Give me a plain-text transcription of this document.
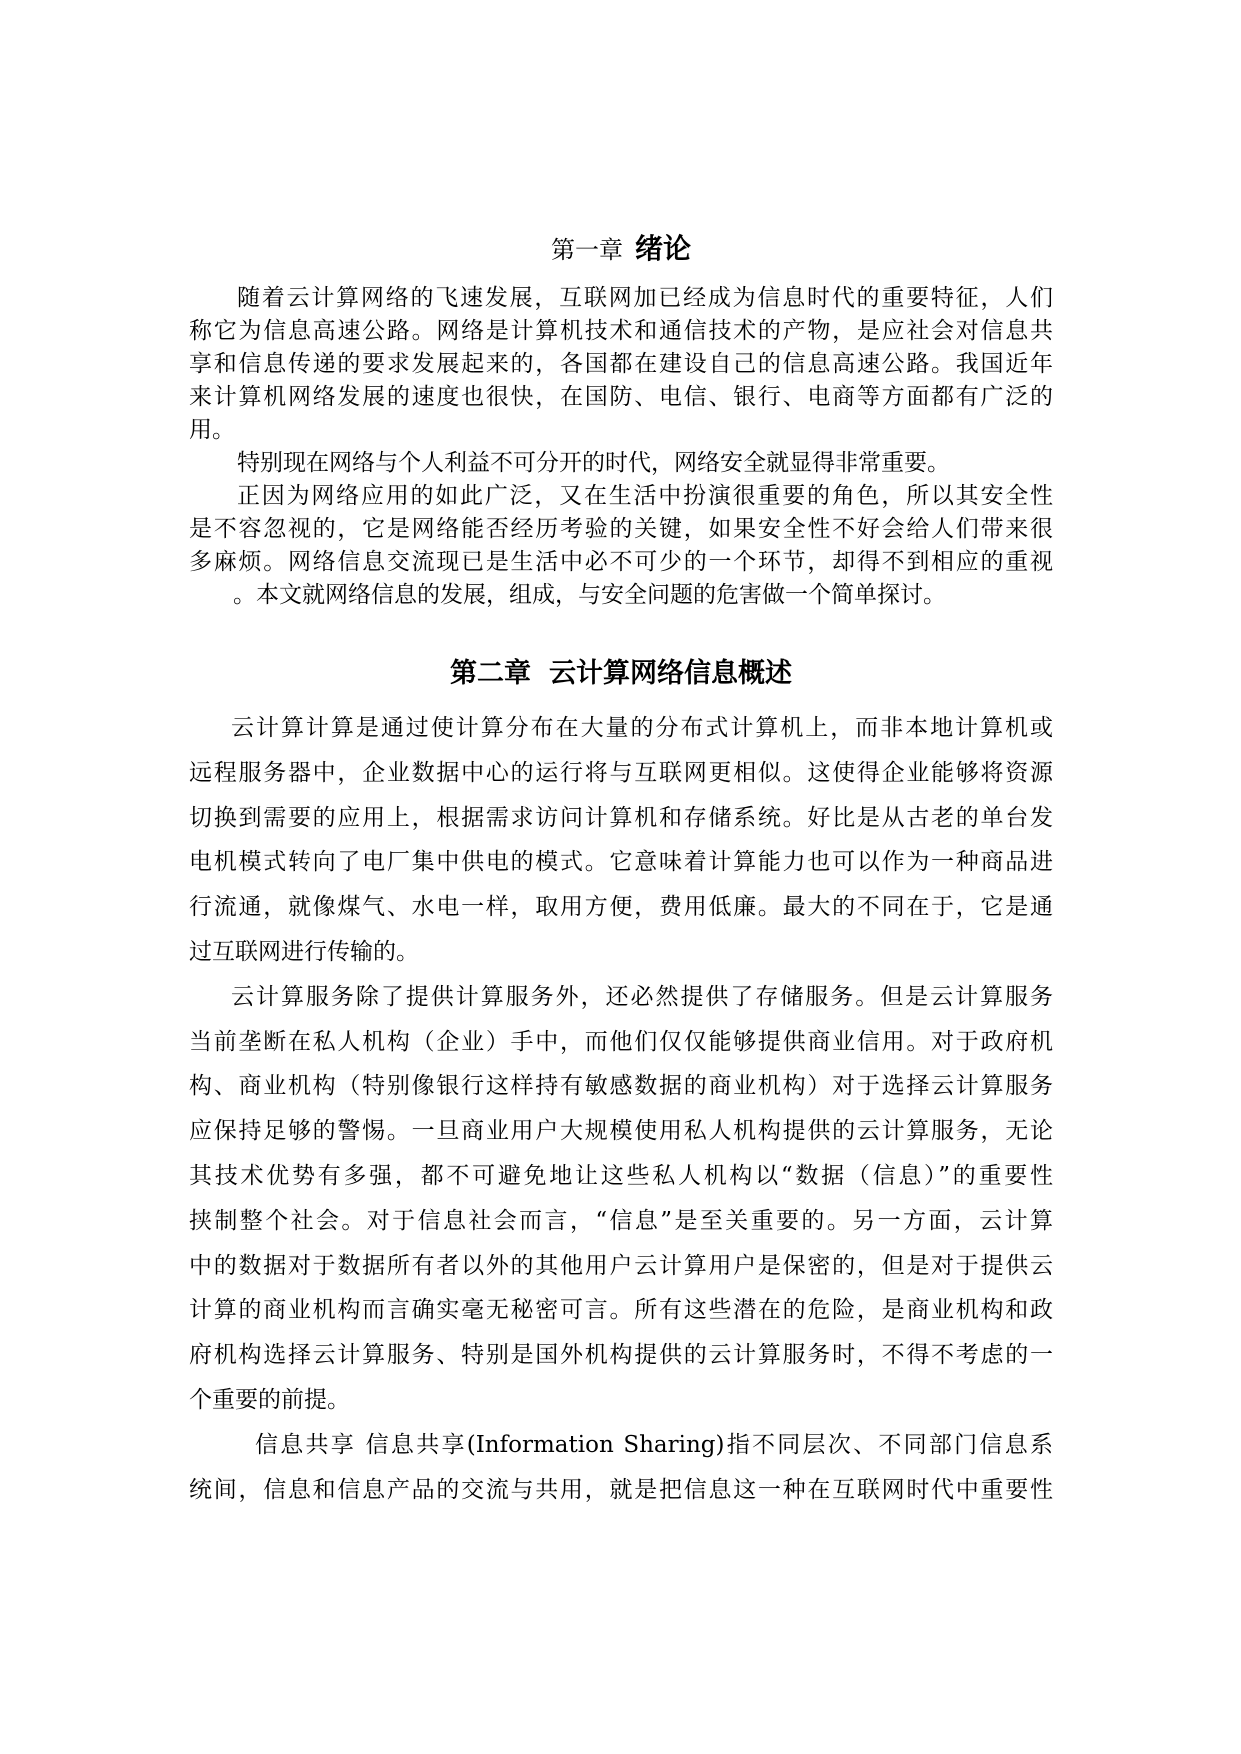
第一章 绪论
随着云计算网络的飞速发展，互联网加已经成为信息时代的重要特征，人们
称它为信息高速公路。网络是计算机技术和通信技术的产物，是应社会对信息共
享和信息传递的要求发展起来的，各国都在建设自己的信息高速公路。我国近年
来计算机网络发展的速度也很快，在国防、电信、银行、电商等方面都有广泛的
用。
特别现在网络与个人利益不可分开的时代，网络安全就显得非常重要。
正因为网络应用的如此广泛，又在生活中扮演很重要的角色，所以其安全性
是不容忽视的，它是网络能否经历考验的关键，如果安全性不好会给人们带来很
多麻烦。网络信息交流现已是生活中必不可少的一个环节，却得不到相应的重视
。本文就网络信息的发展，组成，与安全问题的危害做一个简单探讨。
第二章 云计算网络信息概述
云计算计算是通过使计算分布在大量的分布式计算机上，而非本地计算机或
远程服务器中，企业数据中心的运行将与互联网更相似。这使得企业能够将资源
切换到需要的应用上，根据需求访问计算机和存储系统。好比是从古老的单台发
电机模式转向了电厂集中供电的模式。它意味着计算能力也可以作为一种商品进
行流通，就像煤气、水电一样，取用方便，费用低廉。最大的不同在于，它是通
过互联网进行传输的。
云计算服务除了提供计算服务外，还必然提供了存储服务。但是云计算服务
当前垄断在私人机构（企业）手中，而他们仅仅能够提供商业信用。对于政府机
构、商业机构（特别像银行这样持有敏感数据的商业机构）对于选择云计算服务
应保持足够的警惕。一旦商业用户大规模使用私人机构提供的云计算服务，无论
其技术优势有多强，都不可避免地让这些私人机构以“数据（信息）”的重要性
挟制整个社会。对于信息社会而言，“信息”是至关重要的。另一方面，云计算
中的数据对于数据所有者以外的其他用户云计算用户是保密的，但是对于提供云
计算的商业机构而言确实毫无秘密可言。所有这些潜在的危险，是商业机构和政
府机构选择云计算服务、特别是国外机构提供的云计算服务时，不得不考虑的一
个重要的前提。
信息共享 信息共享(Information Sharing)指不同层次、不同部门信息系
统间，信息和信息产品的交流与共用，就是把信息这一种在互联网时代中重要性
